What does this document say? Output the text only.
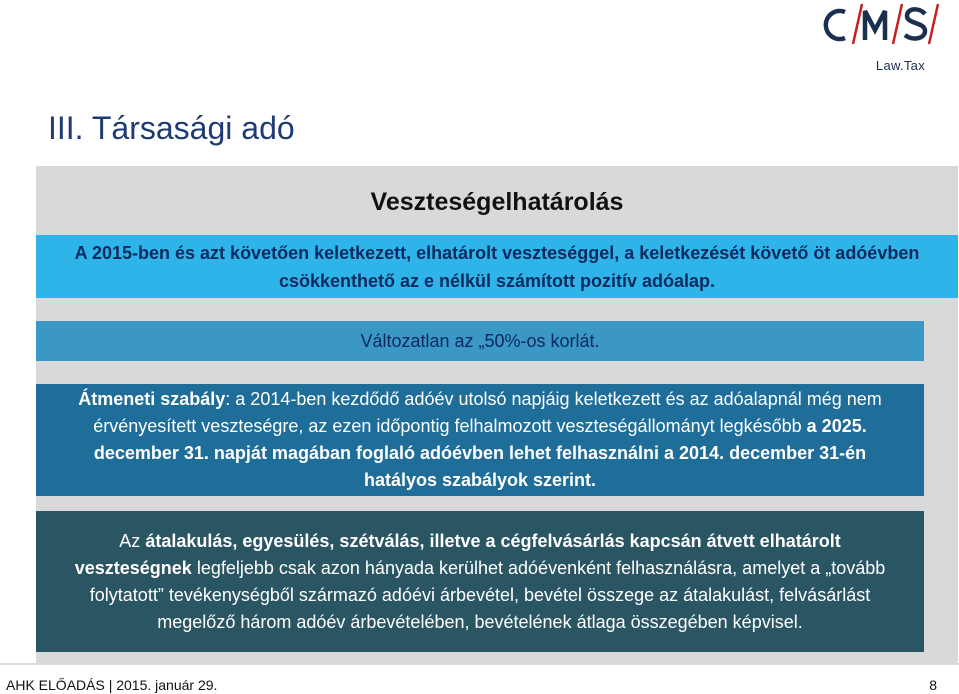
Law.Tax
III. Társasági adó
Veszteségelhatárolás

A 2015-ben és azt követően keletkezett, elhatárolt veszteséggel, a keletkezését követő öt adóévben csökkenthető az e nélkül számított pozitív adóalap.

Változatlan az „50%-os korlát.

Átmeneti szabály: a 2014-ben kezdődő adóév utolsó napjáig keletkezett és az adóalapnál még nem érvényesített veszteségre, az ezen időpontig felhalmozott veszteségállományt legkésőbb a 2025. december 31. napját magában foglaló adóévben lehet felhasználni a 2014. december 31-én hatályos szabályok szerint.

Az átalakulás, egyesülés, szétválás, illetve a cégfelvásárlás kapcsán átvett elhatárolt veszteségnek legfeljebb csak azon hányada kerülhet adóévenként felhasználásra, amelyet a „tovább folytatott” tevékenységből származó adóévi árbevétel, bevétel összege az átalakulást, felvásárlást megelőző három adóév árbevételében, bevételének átlaga összegében képvisel.

AHK ELŐADÁS | 2015. január 29.	8
